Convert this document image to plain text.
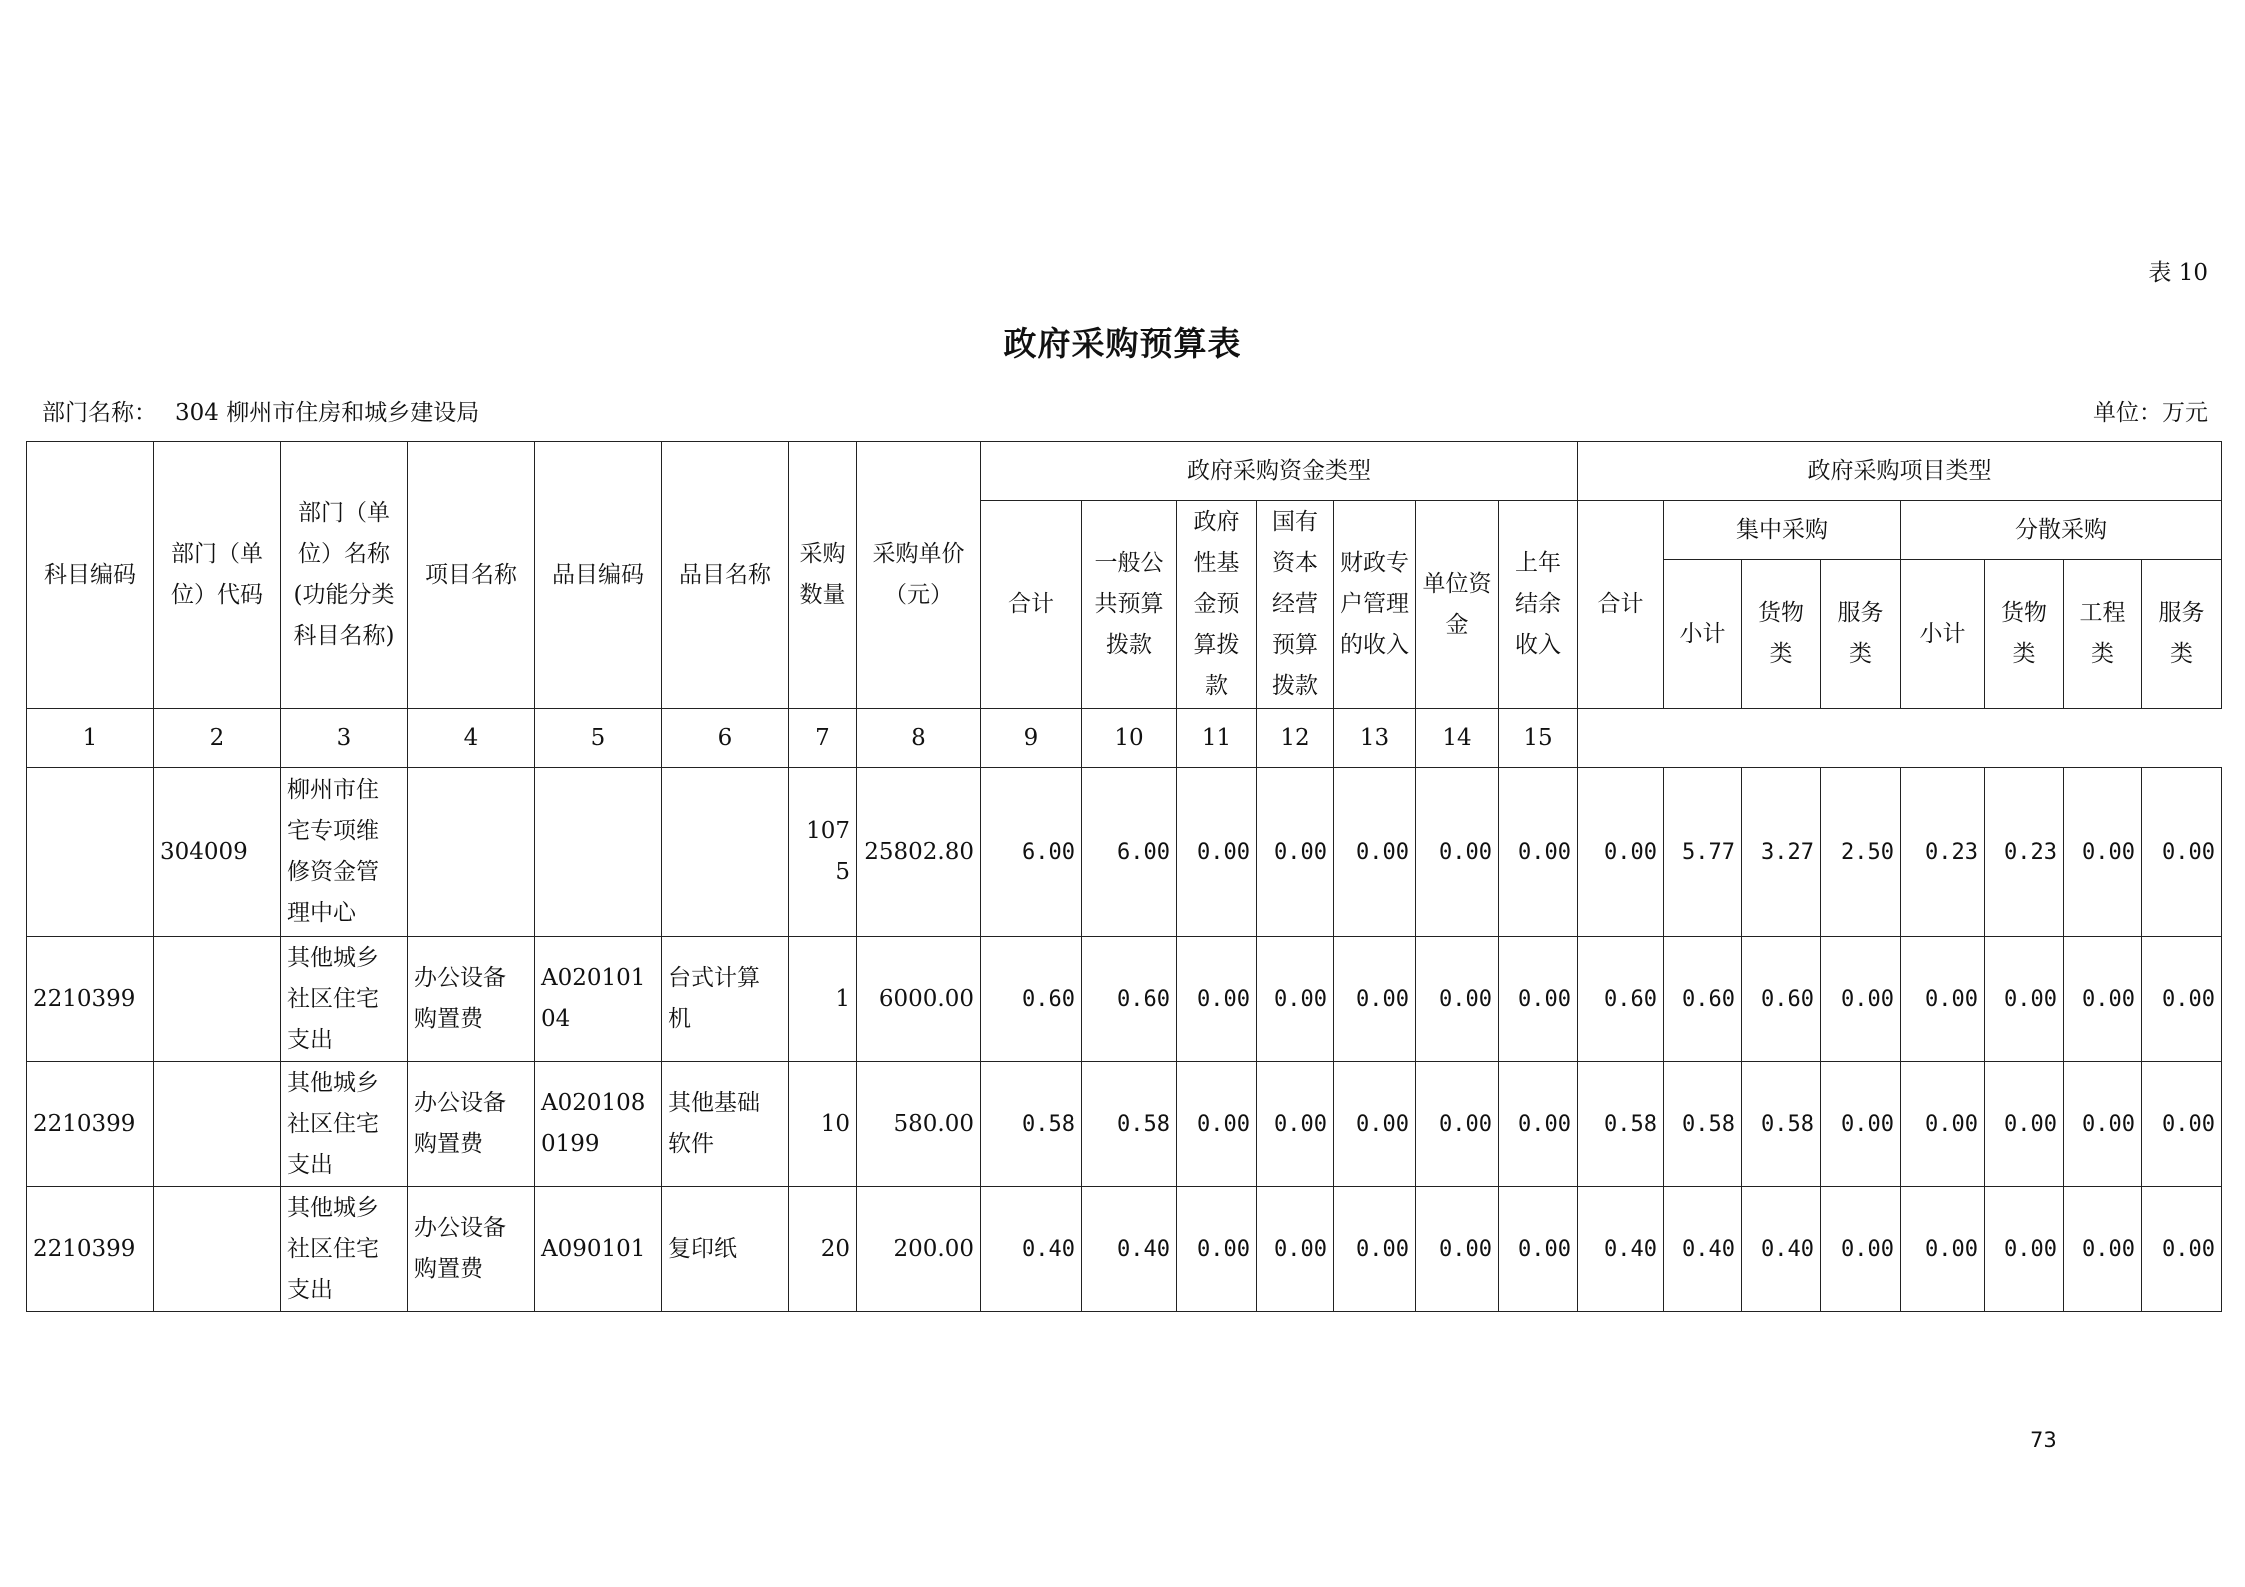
表 10
政府采购预算表
部门名称： 304 柳州市住房和城乡建设局	单位：万元
科目编码	部门（单位）代码	部门（单位）名称(功能分类科目名称)	项目名称	品目编码	品目名称	采购数量	采购单价（元）	政府采购资金类型							政府采购项目类型							
								合计	一般公共预算拨款	政府性基金预算拨款	国有资本经营预算拨款	财政专户管理的收入	单位资金	上年结余收入	合计	集中采购			分散采购			
																小计	货物类	服务类	小计	货物类	工程类	服务类
1	2	3	4	5	6	7	8	9	10	11	12	13	14	15								
	304009	柳州市住宅专项维修资金管理中心				1075	25802.80	6.00	6.00	0.00	0.00	0.00	0.00	0.00	0.00	5.77	3.27	2.50	0.23	0.23	0.00	0.00
2210399		其他城乡社区住宅支出	办公设备购置费	A02010104	台式计算机	1	6000.00	0.60	0.60	0.00	0.00	0.00	0.00	0.00	0.60	0.60	0.60	0.00	0.00	0.00	0.00	0.00
2210399		其他城乡社区住宅支出	办公设备购置费	A0201080199	其他基础软件	10	580.00	0.58	0.58	0.00	0.00	0.00	0.00	0.00	0.58	0.58	0.58	0.00	0.00	0.00	0.00	0.00
2210399		其他城乡社区住宅支出	办公设备购置费	A090101	复印纸	20	200.00	0.40	0.40	0.00	0.00	0.00	0.00	0.00	0.40	0.40	0.40	0.00	0.00	0.00	0.00	0.00
73
